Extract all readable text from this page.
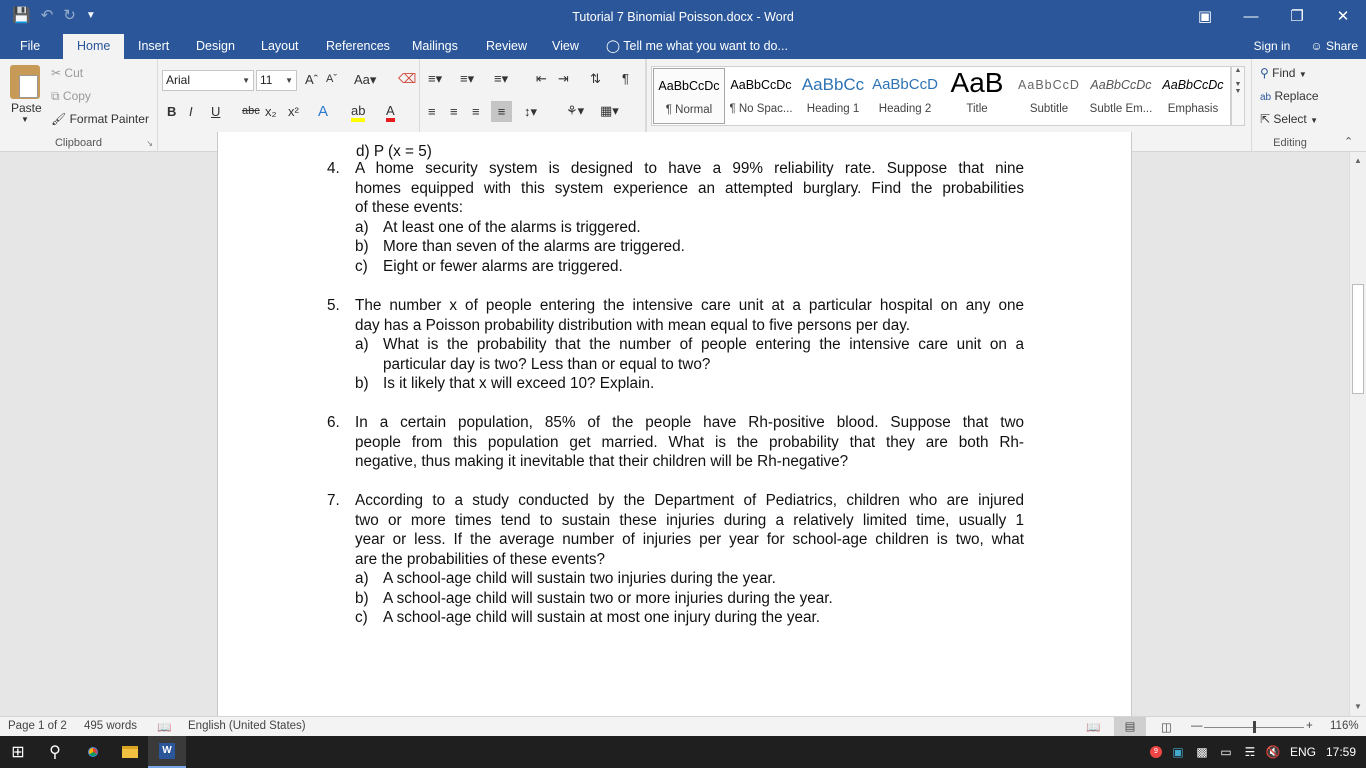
💾 ↶ ↻ ▼	Tutorial 7 Binomial Poisson.docx - Word	▣	—	❐	✕
File	Home	Insert Design Layout References Mailings Review View ◯ Tell me what you want to do...	Sign in ☺ Share
Paste
▼
✂ Cut
⧉ Copy
🖌 Format Painter
Clipboard	↘
Arial	▼ 11 ▼ Aˆ Aˇ Aa▾ ⌫
B I U abc x₂ x² A ab A
≡▾ ≡▾ ≡▾ ⇤ ⇥ ⇅ ¶
≡ ≡ ≡	≡	↕▾ ⚘▾ ▦▾
AaBbCcDc
¶ Normal
AaBbCcDc
¶ No Spac...
AaBbCc
Heading 1
AaBbCcD
Heading 2
AaB
Title
AaBbCcD
Subtitle
AaBbCcDc
Subtle Em...
AaBbCcDc
Emphasis
▲

▼
▼
⚲ Find ▼
ab Replace
⇱ Select ▼
Editing	⌃
d) P (x = 5)
4. A home security system is designed to have a 99% reliability rate. Suppose that nine
homes equipped with this system experience an attempted burglary. Find the probabilities
of these events:
a) At least one of the alarms is triggered.
b) More than seven of the alarms are triggered.
c) Eight or fewer alarms are triggered.
5. The number x of people entering the intensive care unit at a particular hospital on any one
day has a Poisson probability distribution with mean equal to five persons per day.
a) What is the probability that the number of people entering the intensive care unit on a
particular day is two? Less than or equal to two?
b) Is it likely that x will exceed 10? Explain.
6. In a certain population, 85% of the people have Rh-positive blood. Suppose that two
people from this population get married. What is the probability that they are both Rh-
negative, thus making it inevitable that their children will be Rh-negative?
7. According to a study conducted by the Department of Pediatrics, children who are injured
two or more times tend to sustain these injuries during a relatively limited time, usually 1
year or less. If the average number of injuries per year for school-age children is two, what
are the probabilities of these events?
a) A school-age child will sustain two injuries during the year.
b) A school-age child will sustain two or more injuries during the year.
c) A school-age child will sustain at most one injury during the year.
▲
▼
Page 1 of 2 495 words 📖 English (United States)	📖	▤	◫ —	+ 116%
⊞	⚲	W	9	▣	▩	▭	☴ 🔇 ENG 17:59
